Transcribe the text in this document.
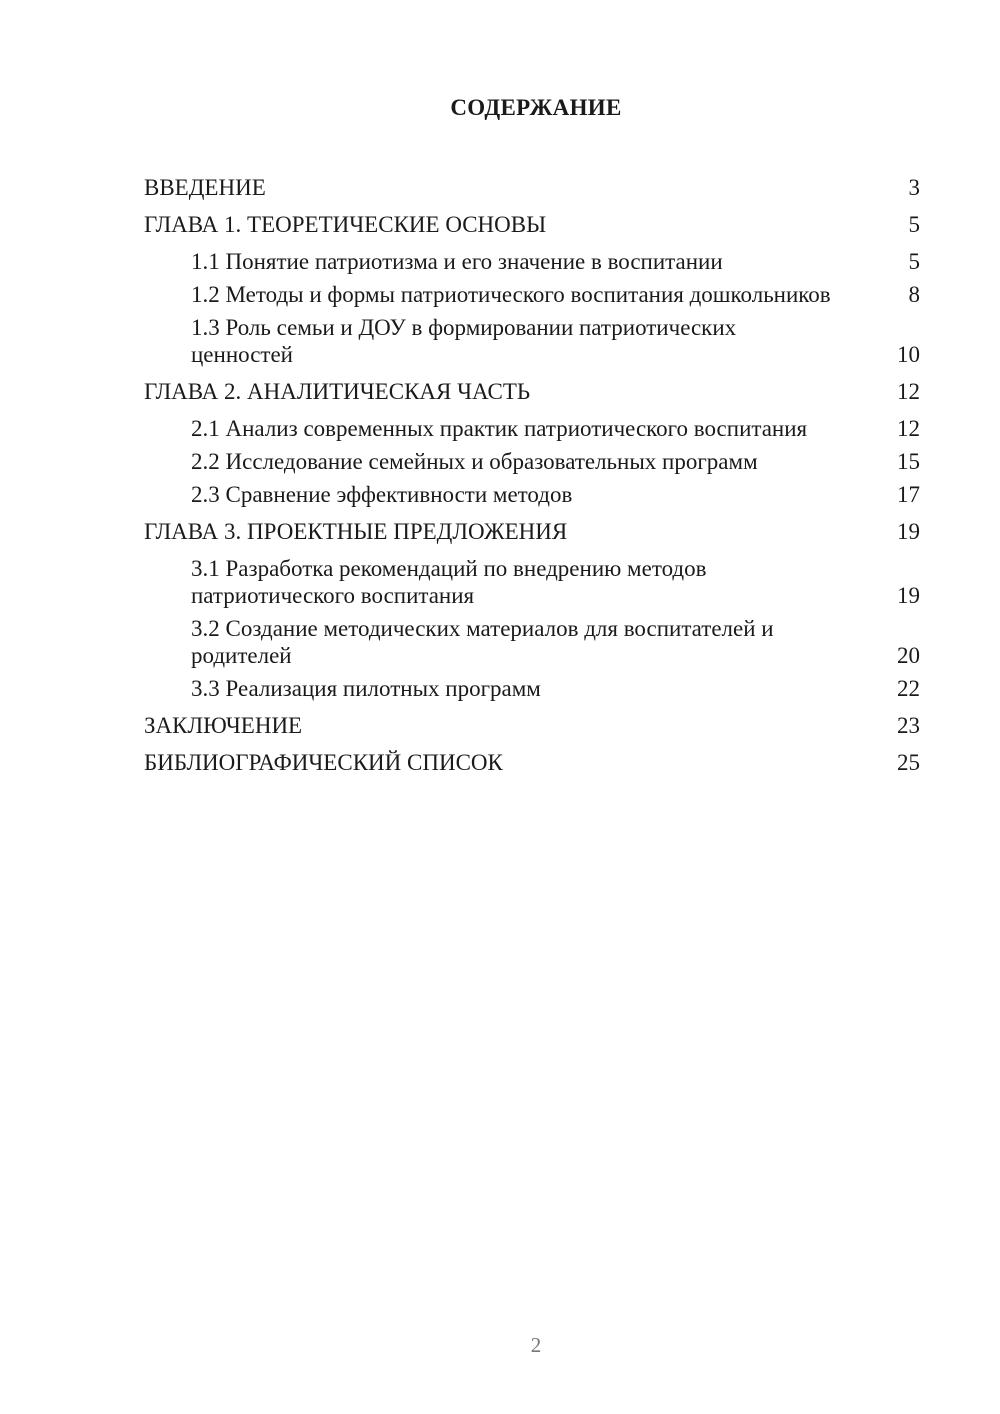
СОДЕРЖАНИЕ
ВВЕДЕНИЕ	3
ГЛАВА 1. ТЕОРЕТИЧЕСКИЕ ОСНОВЫ	5
1.1 Понятие патриотизма и его значение в воспитании	5
1.2 Методы и формы патриотического воспитания дошкольников	8
1.3 Роль семьи и ДОУ в формировании патриотических ценностей	10
ГЛАВА 2. АНАЛИТИЧЕСКАЯ ЧАСТЬ	12
2.1 Анализ современных практик патриотического воспитания	12
2.2 Исследование семейных и образовательных программ	15
2.3 Сравнение эффективности методов	17
ГЛАВА 3. ПРОЕКТНЫЕ ПРЕДЛОЖЕНИЯ	19
3.1 Разработка рекомендаций по внедрению методов патриотического воспитания	19
3.2 Создание методических материалов для воспитателей и родителей	20
3.3 Реализация пилотных программ	22
ЗАКЛЮЧЕНИЕ	23
БИБЛИОГРАФИЧЕСКИЙ СПИСОК	25
2
